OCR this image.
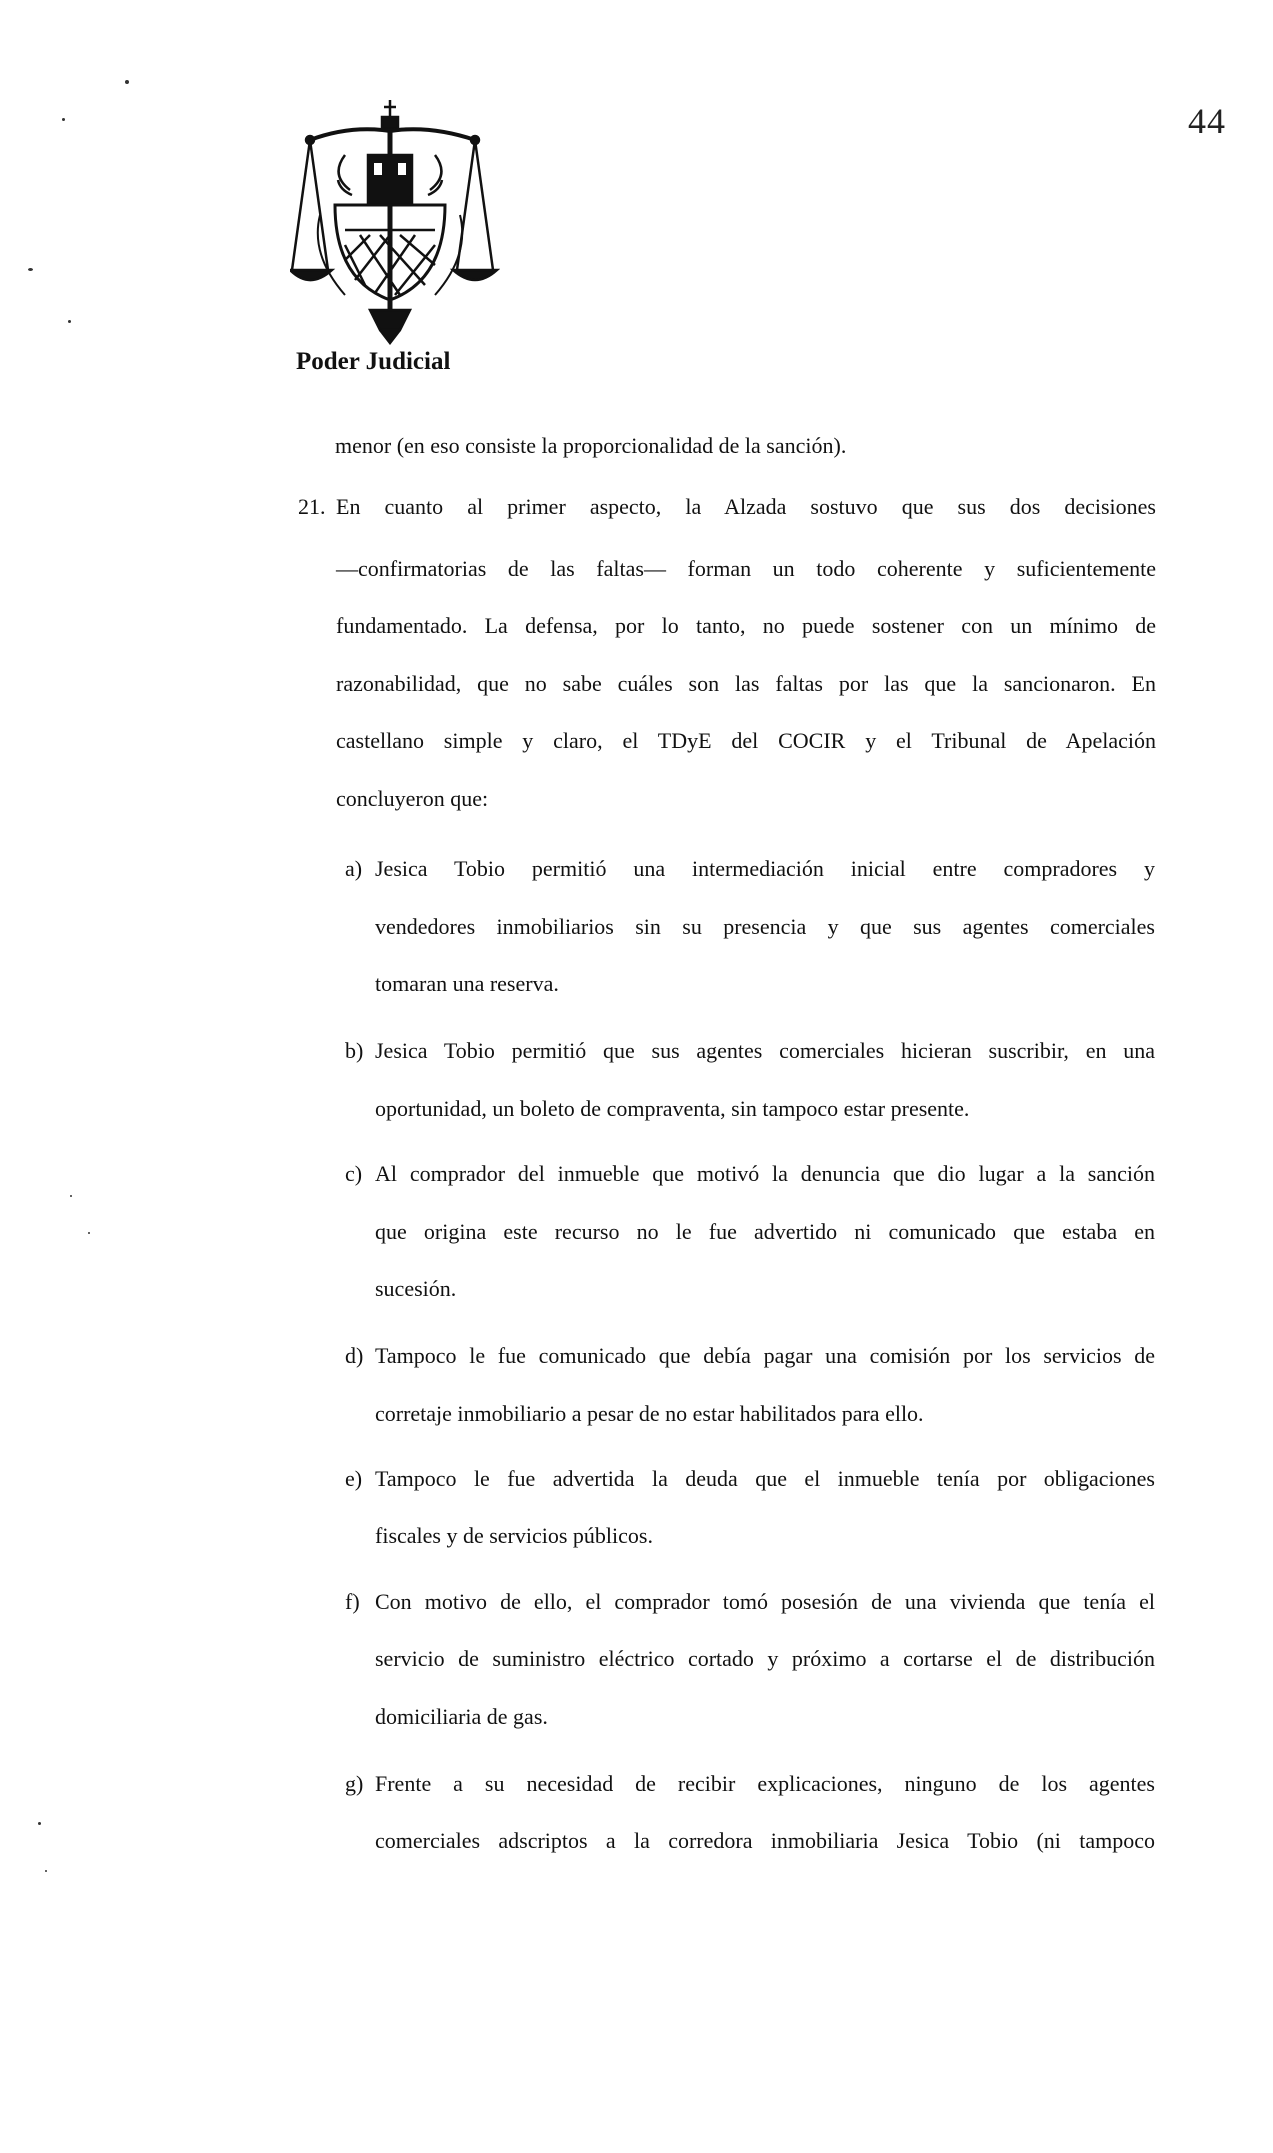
44
Poder Judicial
menor (en eso consiste la proporcionalidad de la sanción).
21. En cuanto al primer aspecto, la Alzada sostuvo que sus dos decisiones
—confirmatorias de las faltas— forman un todo coherente y suficientemente
fundamentado. La defensa, por lo tanto, no puede sostener con un mínimo de
razonabilidad, que no sabe cuáles son las faltas por las que la sancionaron. En
castellano simple y claro, el TDyE del COCIR y el Tribunal de Apelación
concluyeron que:
a) Jesica Tobio permitió una intermediación inicial entre compradores y
vendedores inmobiliarios sin su presencia y que sus agentes comerciales
tomaran una reserva.
b) Jesica Tobio permitió que sus agentes comerciales hicieran suscribir, en una
oportunidad, un boleto de compraventa, sin tampoco estar presente.
c) Al comprador del inmueble que motivó la denuncia que dio lugar a la sanción
que origina este recurso no le fue advertido ni comunicado que estaba en
sucesión.
d) Tampoco le fue comunicado que debía pagar una comisión por los servicios de
corretaje inmobiliario a pesar de no estar habilitados para ello.
e) Tampoco le fue advertida la deuda que el inmueble tenía por obligaciones
fiscales y de servicios públicos.
f) Con motivo de ello, el comprador tomó posesión de una vivienda que tenía el
servicio de suministro eléctrico cortado y próximo a cortarse el de distribución
domiciliaria de gas.
g) Frente a su necesidad de recibir explicaciones, ninguno de los agentes
comerciales adscriptos a la corredora inmobiliaria Jesica Tobio (ni tampoco
